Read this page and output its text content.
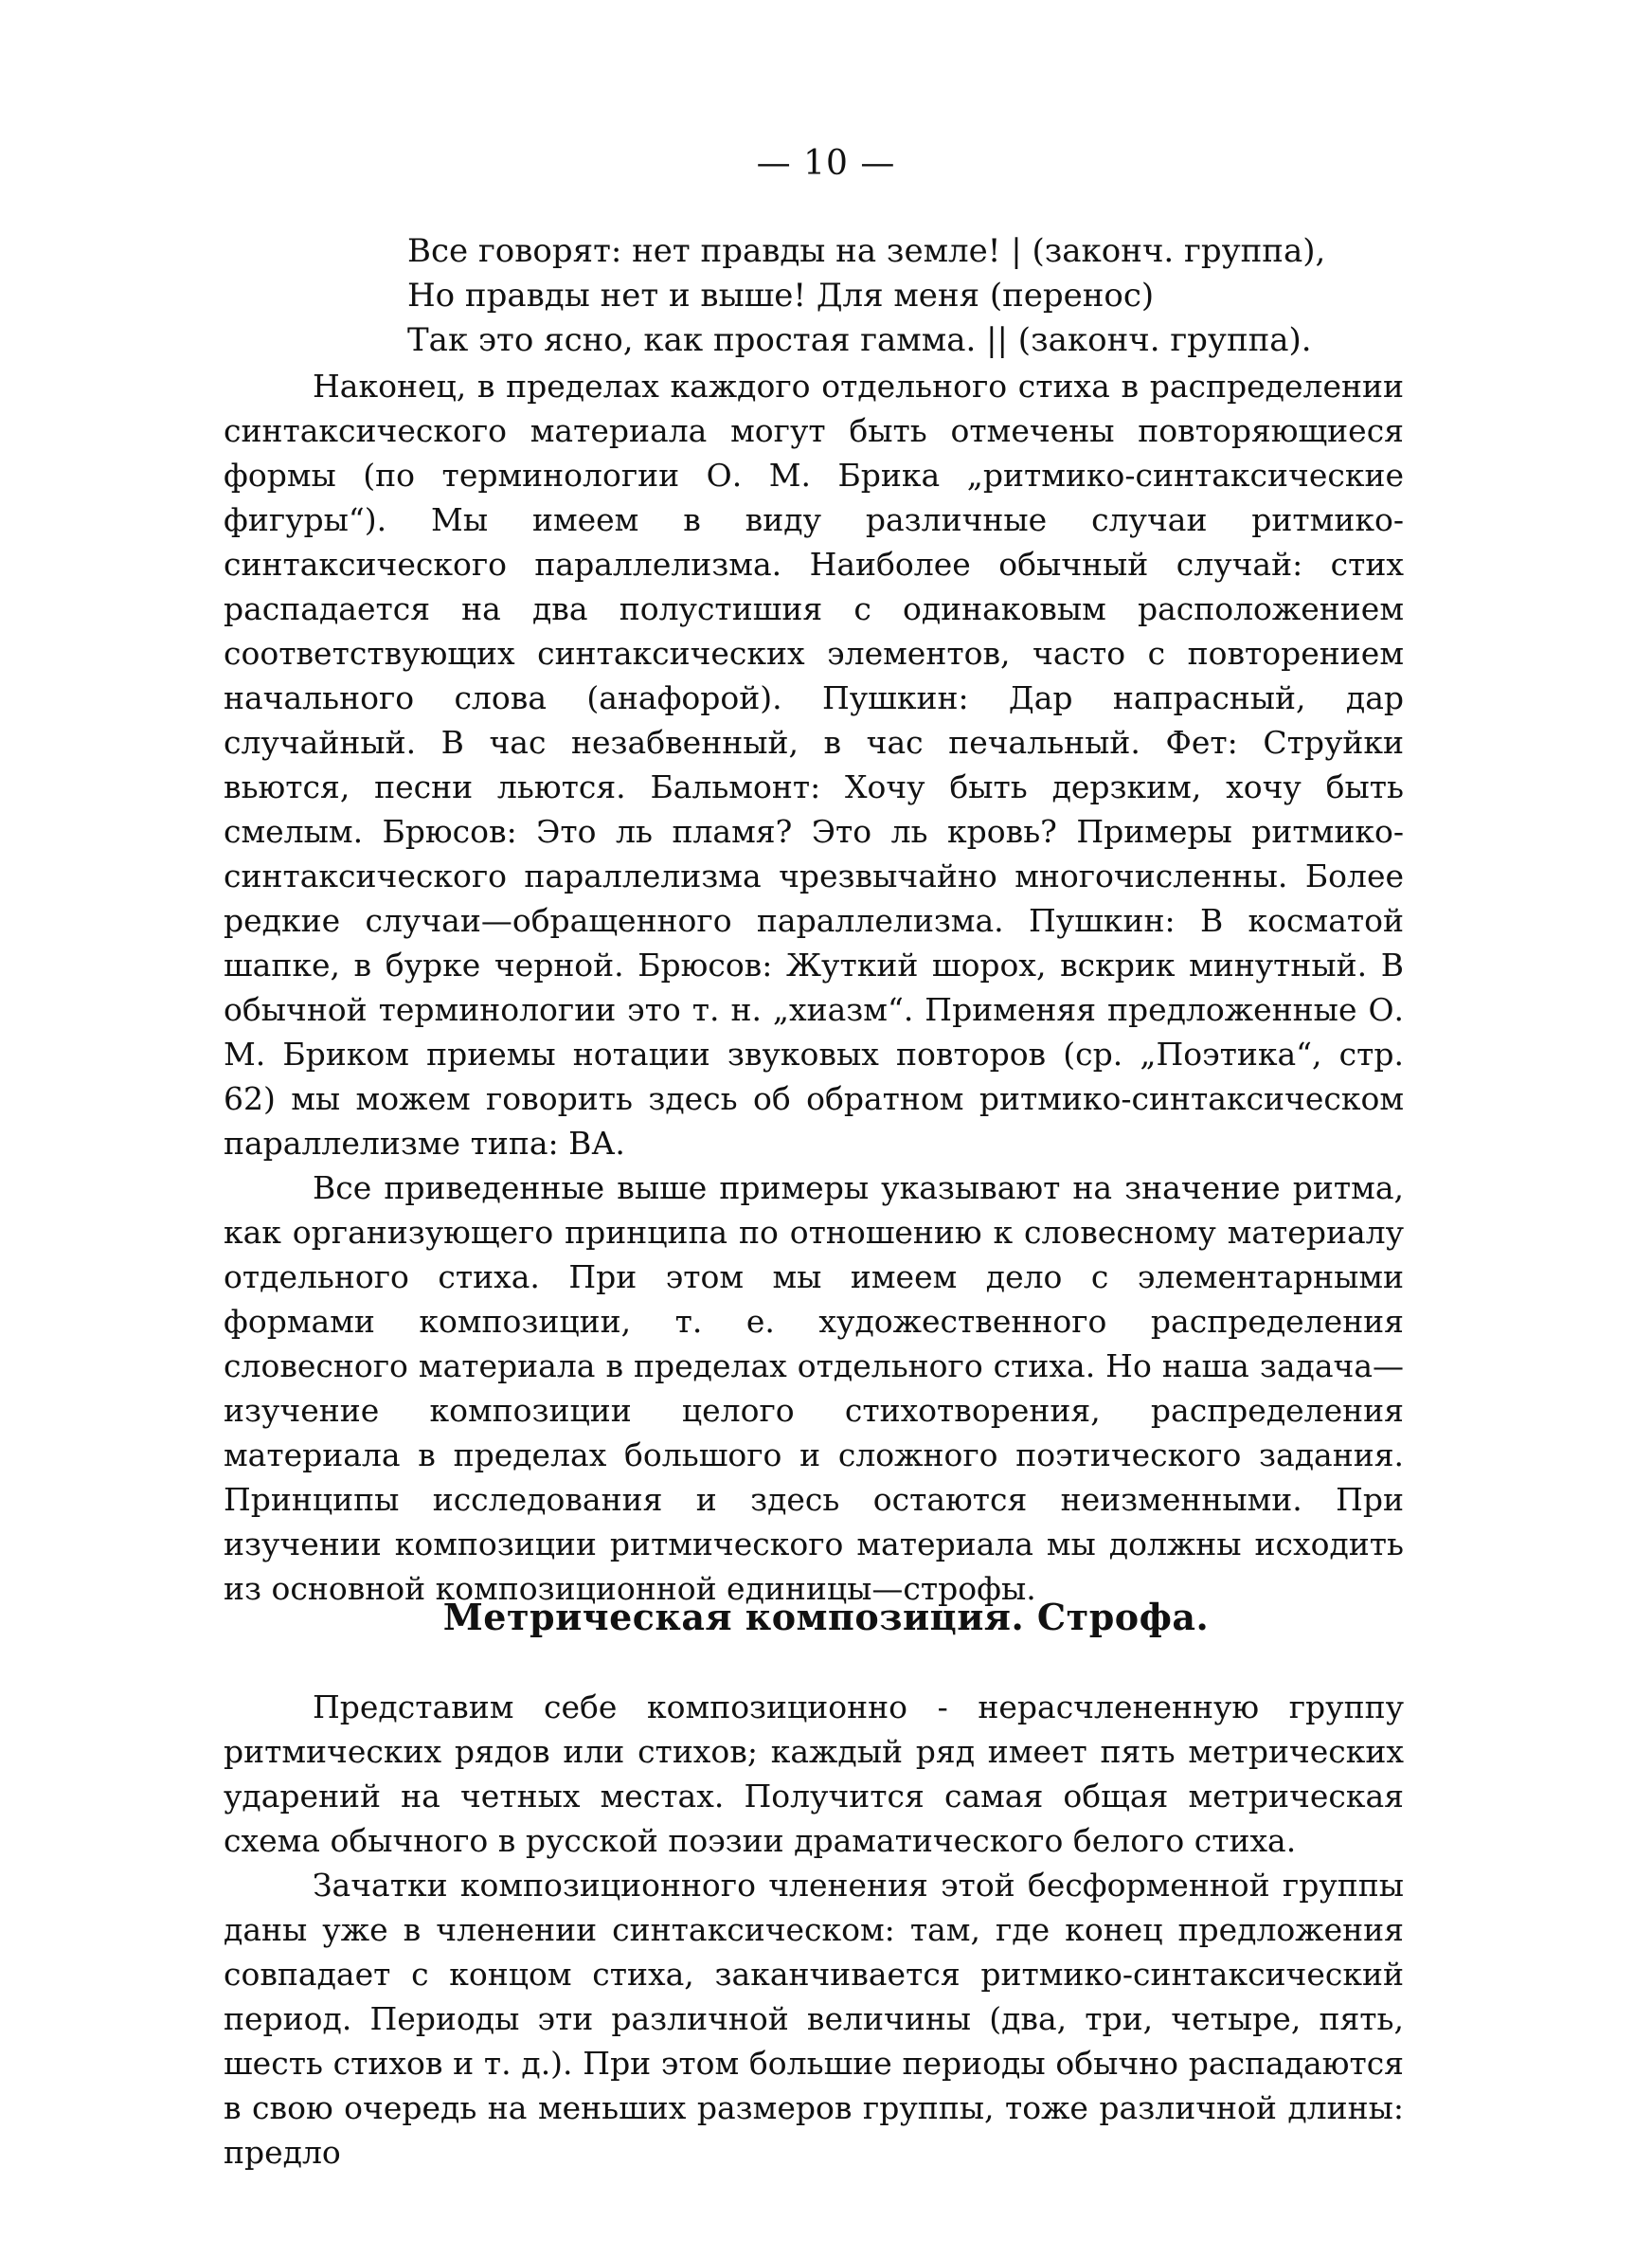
— 10 —
Все говорят: нет правды на земле! | (законч. группа),
Но правды нет и выше! Для меня (перенос)
Так это ясно, как простая гамма. || (законч. группа).

Наконец, в пределах каждого отдельного стиха в распределении синтаксического материала могут быть отмечены повторяющиеся формы (по терминологии О. М. Брика „ритмико-синтаксические фигуры“). Мы имеем в виду различные случаи ритмико-синтаксического параллелизма. Наиболее обычный случай: стих распадается на два полустишия с одинаковым расположением соответствующих синтаксических элементов, часто с повторением начального слова (анафорой). Пушкин: Дар напрасный, дар случайный. В час незабвенный, в час печальный. Фет: Струйки вьются, песни льются. Бальмонт: Хочу быть дерзким, хочу быть смелым. Брюсов: Это ль пламя? Это ль кровь? Примеры ритмико-синтаксического параллелизма чрезвычайно многочисленны. Более редкие случаи—обращенного параллелизма. Пушкин: В косматой шапке, в бурке черной. Брюсов: Жуткий шорох, вскрик минутный. В обычной терминологии это т. н. „хиазм“. Применяя предложенные О. М. Бриком приемы нотации звуковых повторов (ср. „Поэтика“, стр. 62) мы можем говорить здесь об обратном ритмико-синтаксическом параллелизме типа: ВА.

Все приведенные выше примеры указывают на значение ритма, как организующего принципа по отношению к словесному материалу отдельного стиха. При этом мы имеем дело с элементарными формами композиции, т. е. художественного распределения словесного материала в пределах отдельного стиха. Но наша задача—изучение композиции целого стихотворения, распределения материала в пределах большого и сложного поэтического задания. Принципы исследования и здесь остаются неизменными. При изучении композиции ритмического материала мы должны исходить из основной композиционной единицы—строфы.

Метрическая композиция. Строфа.

Представим себе композиционно - нерасчлененную группу ритмических рядов или стихов; каждый ряд имеет пять метрических ударений на четных местах. Получится самая общая метрическая схема обычного в русской поэзии драматического белого стиха.

Зачатки композиционного членения этой бесформенной группы даны уже в членении синтаксическом: там, где конец предложения совпадает с концом стиха, заканчивается ритмико-синтаксический период. Периоды эти различной величины (два, три, четыре, пять, шесть стихов и т. д.). При этом большие периоды обычно распадаются в свою очередь на меньших размеров группы, тоже различной длины: предло
